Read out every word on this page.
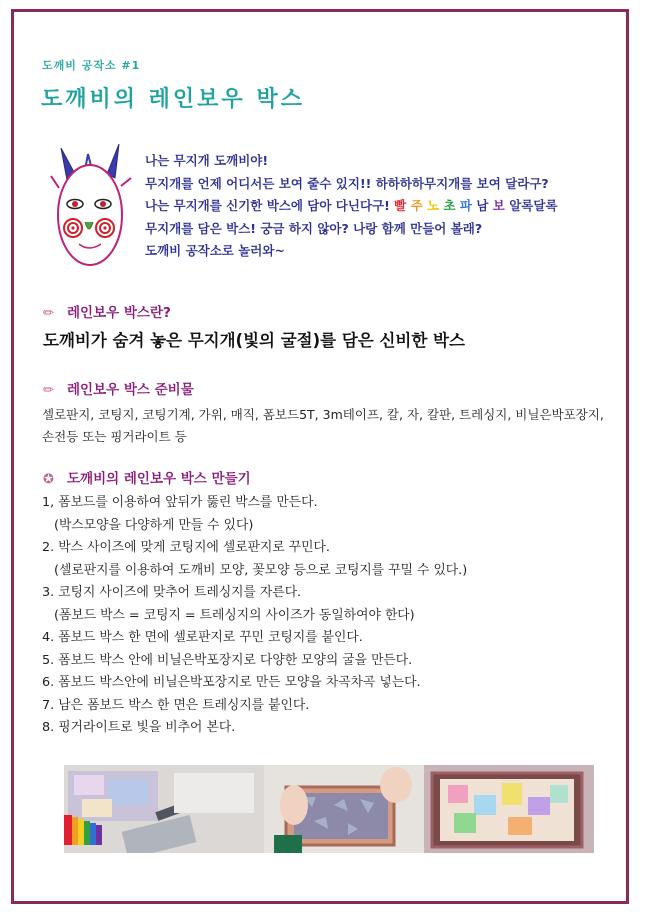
도깨비 공작소 #1
도깨비의 레인보우 박스
나는 무지개 도깨비야!
무지개를 언제 어디서든 보여 줄수 있지!! 하하하하무지개를 보여 달라구?
나는 무지개를 신기한 박스에 담아 다닌다구! 빨 주 노 초 파 남 보 알록달록
무지개를 담은 박스! 궁금 하지 않아? 나랑 함께 만들어 볼래?
도깨비 공작소로 놀러와~
✏ 레인보우 박스란?
도깨비가 숨겨 놓은 무지개(빛의 굴절)를 담은 신비한 박스
✏ 레인보우 박스 준비물
셀로판지, 코팅지, 코팅기계, 가위, 매직, 폼보드5T, 3m테이프, 칼, 자, 칼판, 트레싱지, 비닐은박포장지, 손전등 또는 핑거라이트 등
✪ 도깨비의 레인보우 박스 만들기
1, 폼보드를 이용하여 앞뒤가 뚫린 박스를 만든다.
(박스모양을 다양하게 만들 수 있다)
2. 박스 사이즈에 맞게 코팅지에 셀로판지로 꾸민다.
(셀로판지를 이용하여 도깨비 모양, 꽃모양 등으로 코팅지를 꾸밀 수 있다.)
3. 코팅지 사이즈에 맞추어 트레싱지를 자른다.
(폼보드 박스 = 코팅지 = 트레싱지의 사이즈가 동일하여야 한다)
4. 폼보드 박스 한 면에 셀로판지로 꾸민 코팅지를 붙인다.
5. 폼보드 박스 안에 비닐은박포장지로 다양한 모양의 굴을 만든다.
6. 폼보드 박스안에 비닐은박포장지로 만든 모양을 차곡차곡 넣는다.
7. 남은 폼보드 박스 한 면은 트레싱지를 붙인다.
8. 핑거라이트로 빛을 비추어 본다.
